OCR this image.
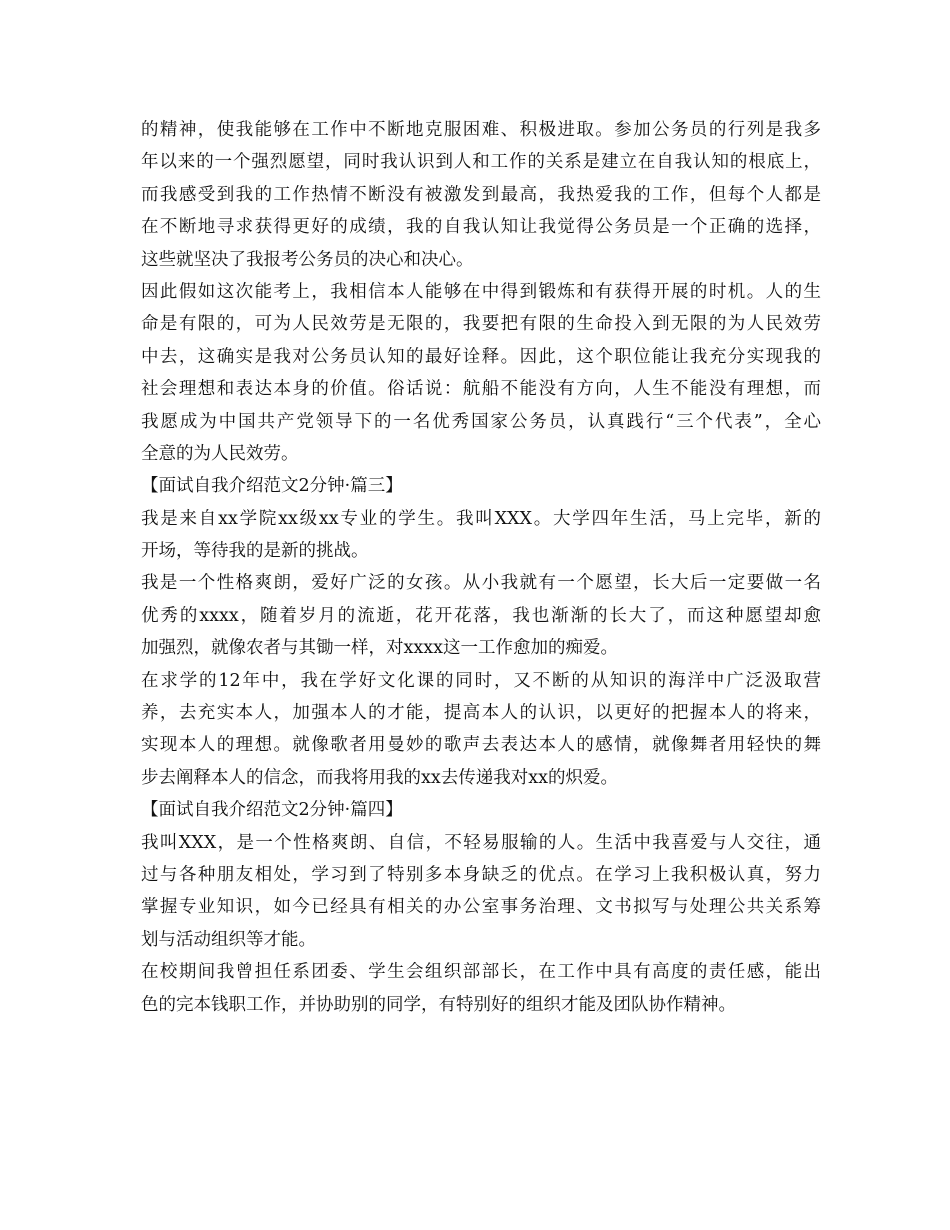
的精神，使我能够在工作中不断地克服困难、积极进取。参加公务员的行列是我多
年以来的一个强烈愿望，同时我认识到人和工作的关系是建立在自我认知的根底上，
而我感受到我的工作热情不断没有被激发到最高，我热爱我的工作，但每个人都是
在不断地寻求获得更好的成绩，我的自我认知让我觉得公务员是一个正确的选择，
这些就坚决了我报考公务员的决心和决心。
因此假如这次能考上，我相信本人能够在中得到锻炼和有获得开展的时机。人的生
命是有限的，可为人民效劳是无限的，我要把有限的生命投入到无限的为人民效劳
中去，这确实是我对公务员认知的最好诠释。因此，这个职位能让我充分实现我的
社会理想和表达本身的价值。俗话说：航船不能没有方向，人生不能没有理想，而
我愿成为中国共产党领导下的一名优秀国家公务员，认真践行“三个代表”，全心
全意的为人民效劳。
【面试自我介绍范文2分钟·篇三】
我是来自xx学院xx级xx专业的学生。我叫XXX。大学四年生活，马上完毕，新的
开场，等待我的是新的挑战。
我是一个性格爽朗，爱好广泛的女孩。从小我就有一个愿望，长大后一定要做一名
优秀的xxxx，随着岁月的流逝，花开花落，我也渐渐的长大了，而这种愿望却愈
加强烈，就像农者与其锄一样，对xxxx这一工作愈加的痴爱。
在求学的12年中，我在学好文化课的同时，又不断的从知识的海洋中广泛汲取营
养，去充实本人，加强本人的才能，提高本人的认识，以更好的把握本人的将来，
实现本人的理想。就像歌者用曼妙的歌声去表达本人的感情，就像舞者用轻快的舞
步去阐释本人的信念，而我将用我的xx去传递我对xx的炽爱。
【面试自我介绍范文2分钟·篇四】
我叫XXX，是一个性格爽朗、自信，不轻易服输的人。生活中我喜爱与人交往，通
过与各种朋友相处，学习到了特别多本身缺乏的优点。在学习上我积极认真，努力
掌握专业知识，如今已经具有相关的办公室事务治理、文书拟写与处理公共关系筹
划与活动组织等才能。
在校期间我曾担任系团委、学生会组织部部长，在工作中具有高度的责任感，能出
色的完本钱职工作，并协助别的同学，有特别好的组织才能及团队协作精神。
